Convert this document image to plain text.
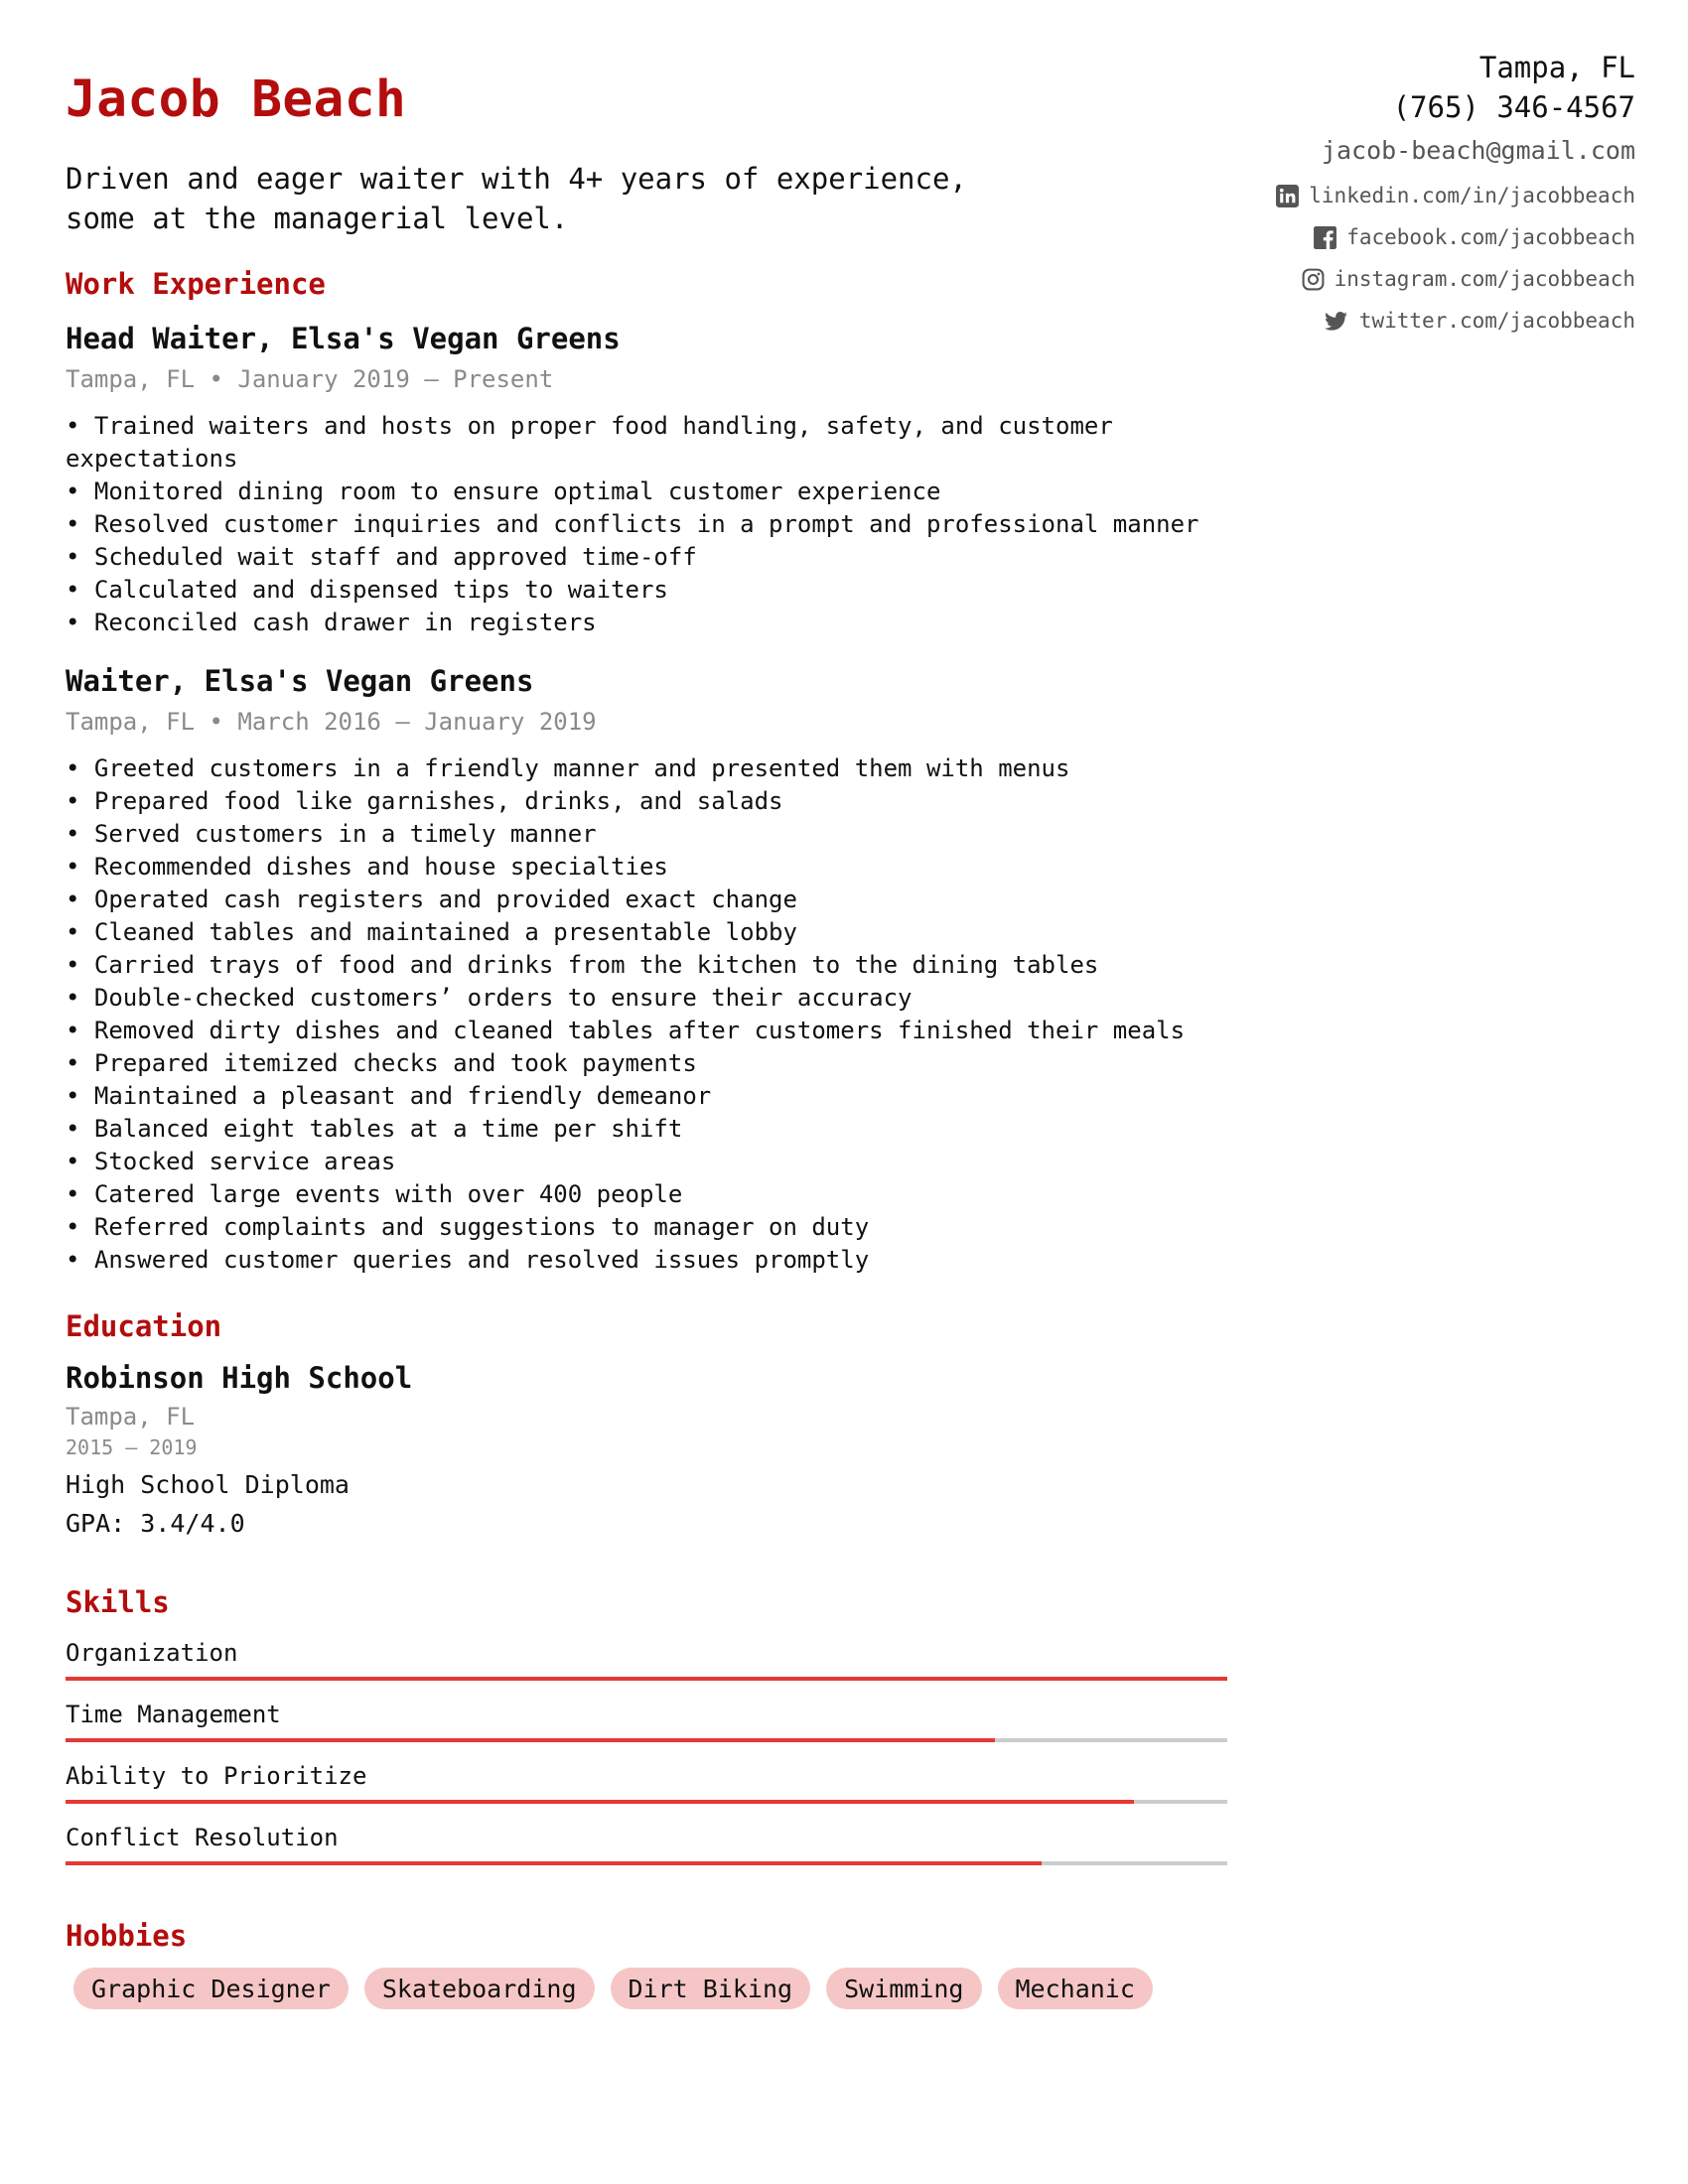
Jacob Beach
Driven and eager waiter with 4+ years of experience,
some at the managerial level.
Work Experience
Head Waiter, Elsa's Vegan Greens
Tampa, FL • January 2019 — Present
• Trained waiters and hosts on proper food handling, safety, and customer
expectations
• Monitored dining room to ensure optimal customer experience
• Resolved customer inquiries and conflicts in a prompt and professional manner
• Scheduled wait staff and approved time-off
• Calculated and dispensed tips to waiters
• Reconciled cash drawer in registers
Waiter, Elsa's Vegan Greens
Tampa, FL • March 2016 — January 2019
• Greeted customers in a friendly manner and presented them with menus
• Prepared food like garnishes, drinks, and salads
• Served customers in a timely manner
• Recommended dishes and house specialties
• Operated cash registers and provided exact change
• Cleaned tables and maintained a presentable lobby
• Carried trays of food and drinks from the kitchen to the dining tables
• Double-checked customers’ orders to ensure their accuracy
• Removed dirty dishes and cleaned tables after customers finished their meals
• Prepared itemized checks and took payments
• Maintained a pleasant and friendly demeanor
• Balanced eight tables at a time per shift
• Stocked service areas
• Catered large events with over 400 people
• Referred complaints and suggestions to manager on duty
• Answered customer queries and resolved issues promptly
Education
Robinson High School
Tampa, FL
2015 — 2019
High School Diploma
GPA: 3.4/4.0
Skills
Organization
Time Management
Ability to Prioritize
Conflict Resolution
Hobbies
Graphic Designer	Skateboarding	Dirt Biking	Swimming	Mechanic
Tampa, FL
(765) 346-4567
jacob-beach@gmail.com
linkedin.com/in/jacobbeach
facebook.com/jacobbeach
instagram.com/jacobbeach
twitter.com/jacobbeach
